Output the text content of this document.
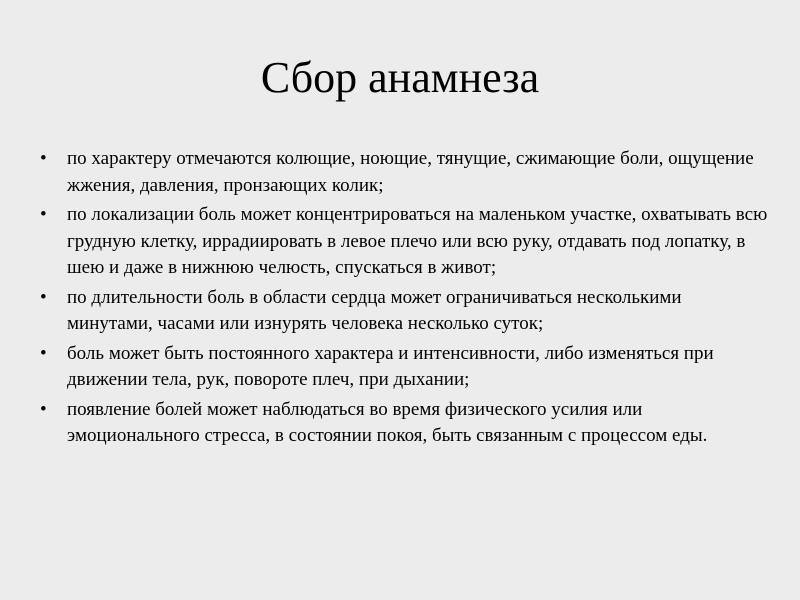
Сбор анамнеза
•	по характеру отмечаются колющие, ноющие, тянущие, сжимающие боли, ощущение жжения, давления, пронзающих колик;
•	по локализации боль может концентрироваться на маленьком участке, охватывать всю грудную клетку, иррадиировать в левое плечо или всю руку, отдавать под лопатку, в шею и даже в нижнюю челюсть, спускаться в живот;
•	по длительности боль в области сердца может ограничиваться несколькими минутами, часами или изнурять человека несколько суток;
•	боль может быть постоянного характера и интенсивности, либо изменяться при движении тела, рук, повороте плеч, при дыхании;
•	появление болей может наблюдаться во время физического усилия или эмоционального стресса, в состоянии покоя, быть связанным с процессом еды.
